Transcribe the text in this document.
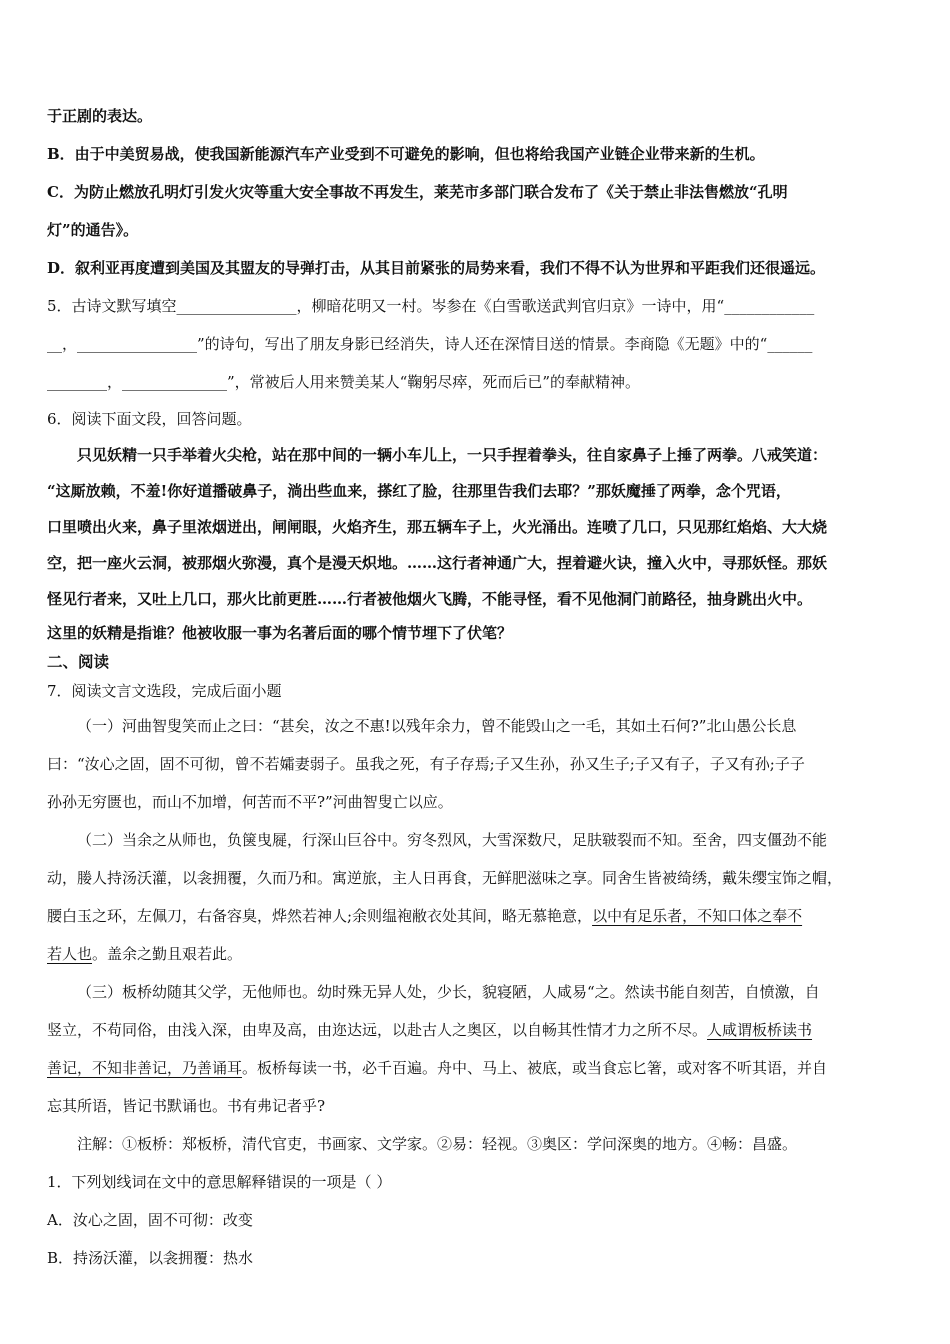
于正剧的表达。
B．由于中美贸易战，使我国新能源汽车产业受到不可避免的影响，但也将给我国产业链企业带来新的生机。
C．为防止燃放孔明灯引发火灾等重大安全事故不再发生，莱芜市多部门联合发布了《关于禁止非法售燃放“孔明
灯”的通告》。
D．叙利亚再度遭到美国及其盟友的导弹打击，从其目前紧张的局势来看，我们不得不认为世界和平距我们还很遥远。
5．古诗文默写填空________________，柳暗花明又一村。岑参在《白雪歌送武判官归京》一诗中，用“____________
__，________________”的诗句，写出了朋友身影已经消失，诗人还在深情目送的情景。李商隐《无题》中的“______
________，______________”，常被后人用来赞美某人“鞠躬尽瘁，死而后已”的奉献精神。
6．阅读下面文段，回答问题。
只见妖精一只手举着火尖枪，站在那中间的一辆小车儿上，一只手捏着拳头，往自家鼻子上捶了两拳。八戒笑道：
“这厮放赖，不羞!你好道播破鼻子，淌出些血来，搽红了脸，往那里告我们去耶？”那妖魔捶了两拳，念个咒语，
口里喷出火来，鼻子里浓烟迸出，闸闸眼，火焰齐生，那五辆车子上，火光涌出。连喷了几口，只见那红焰焰、大大烧
空，把一座火云洞，被那烟火弥漫，真个是漫天炽地。……这行者神通广大，捏着避火诀，撞入火中，寻那妖怪。那妖
怪见行者来，又吐上几口，那火比前更胜……行者被他烟火飞腾，不能寻怪，看不见他洞门前路径，抽身跳出火中。
这里的妖精是指谁？他被收服一事为名著后面的哪个情节埋下了伏笔？
二、阅读
7．阅读文言文选段，完成后面小题
（一）河曲智叟笑而止之曰：“甚矣，汝之不惠!以残年余力，曾不能毁山之一毛，其如土石何?”北山愚公长息
曰：“汝心之固，固不可彻，曾不若孀妻弱子。虽我之死，有子存焉;子又生孙，孙又生子;子又有子，子又有孙;子子
孙孙无穷匮也，而山不加增，何苦而不平?”河曲智叟亡以应。
（二）当余之从师也，负箧曳屣，行深山巨谷中。穷冬烈风，大雪深数尺，足肤皲裂而不知。至舍，四支僵劲不能
动，媵人持汤沃灌，以衾拥覆，久而乃和。寓逆旅，主人日再食，无鲜肥滋味之享。同舍生皆被绮绣，戴朱缨宝饰之帽，
腰白玉之环，左佩刀，右备容臭，烨然若神人;余则缊袍敝衣处其间，略无慕艳意，以中有足乐者，不知口体之奉不
若人也。盖余之勤且艰若此。
（三）板桥幼随其父学，无他师也。幼时殊无异人处，少长，貌寝陋，人咸易“之。然读书能自刻苦，自愤激，自
竖立，不苟同俗，由浅入深，由卑及高，由迩达远，以赴古人之奥区，以自畅其性情才力之所不尽。人咸谓板桥读书
善记，不知非善记，乃善诵耳。板桥每读一书，必千百遍。舟中、马上、被底，或当食忘匕箸，或对客不听其语，并自
忘其所语，皆记书默诵也。书有弗记者乎?
注解：①板桥：郑板桥，清代官吏，书画家、文学家。②易：轻视。③奥区：学问深奥的地方。④畅：昌盛。
1．下列划线词在文中的意思解释错误的一项是（ ）
A．汝心之固，固不可彻：改变
B．持汤沃灌，以衾拥覆：热水
